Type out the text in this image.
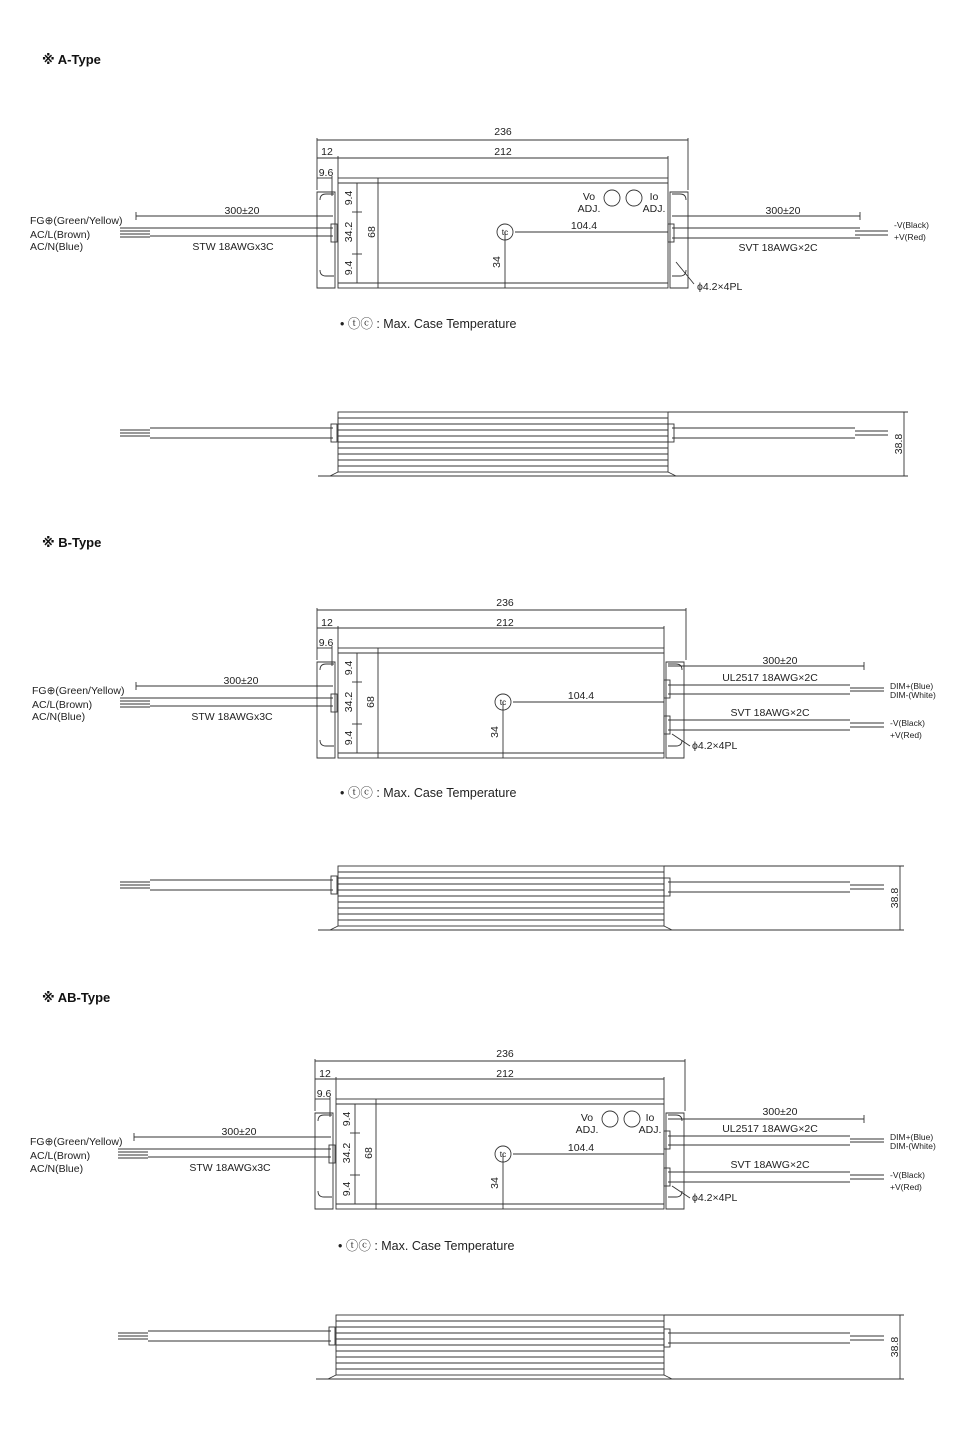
※ A-Type
236
212
12
9.6
9.4
34.2
9.4
68
34
104.4
tc
Vo
ADJ.
Io
ADJ.
FG⊕(Green/Yellow)
AC/L(Brown)
AC/N(Blue)
300±20
STW 18AWGx3C
300±20
SVT 18AWG×2C
-V(Black)
+V(Red)
ϕ4.2×4PL
• ⓣⓒ : Max. Case Temperature
38.8
※ B-Type
236
212
12
9.6
9.4
34.2
9.4
68
34
104.4
tc
FG⊕(Green/Yellow)
AC/L(Brown)
AC/N(Blue)
300±20
STW 18AWGx3C
300±20
UL2517 18AWG×2C
DIM+(Blue)
DIM-(White)
SVT 18AWG×2C
-V(Black)
+V(Red)
ϕ4.2×4PL
• ⓣⓒ : Max. Case Temperature
38.8
※ AB-Type
236
212
12
9.6
9.4
34.2
9.4
68
34
104.4
tc
Vo
ADJ.
Io
ADJ.
FG⊕(Green/Yellow)
AC/L(Brown)
AC/N(Blue)
300±20
STW 18AWGx3C
300±20
UL2517 18AWG×2C
DIM+(Blue)
DIM-(White)
SVT 18AWG×2C
-V(Black)
+V(Red)
ϕ4.2×4PL
• ⓣⓒ : Max. Case Temperature
38.8
